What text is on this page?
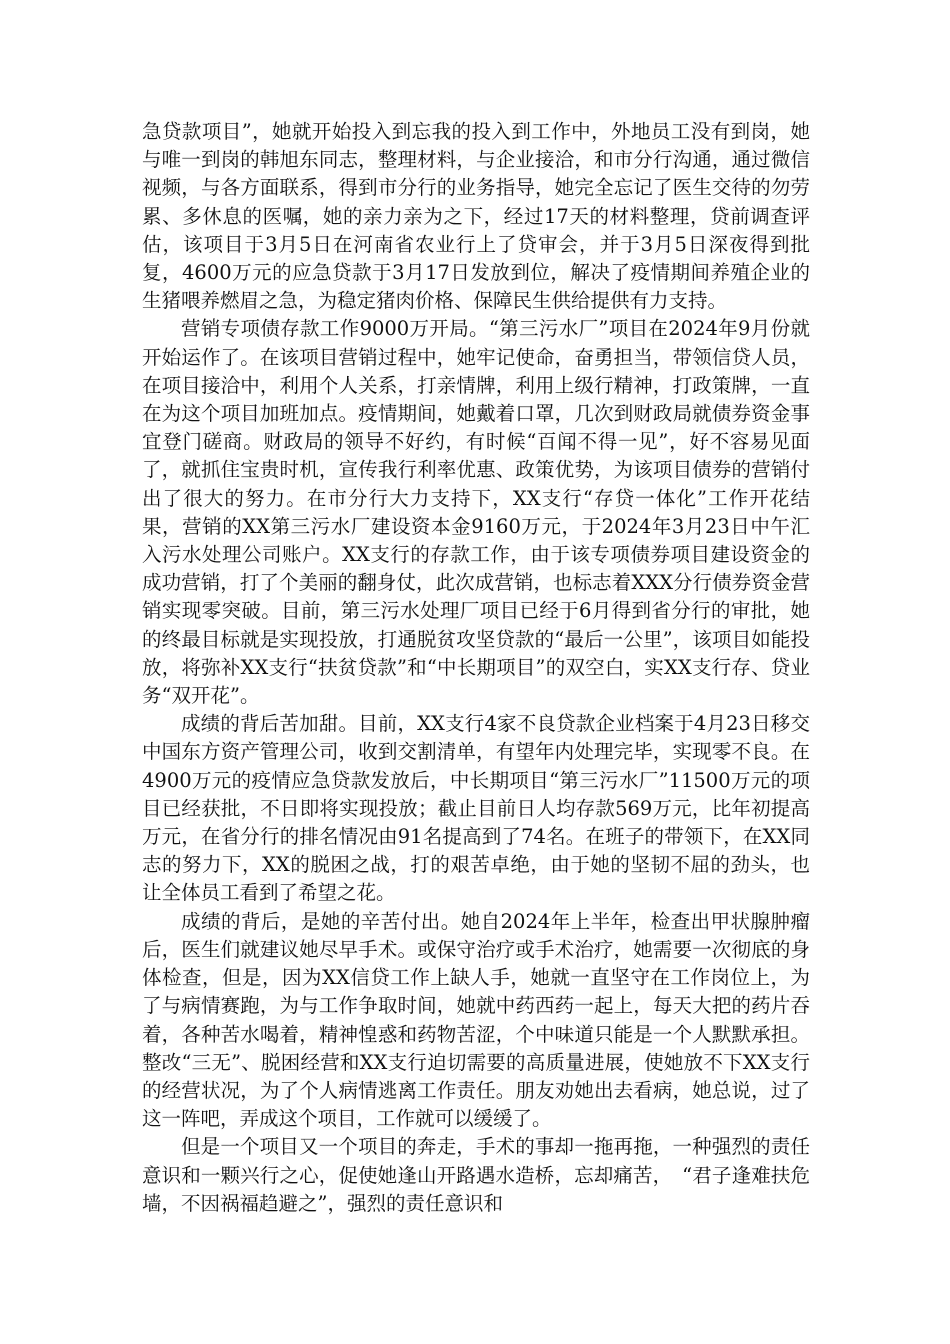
急贷款项目”，她就开始投入到忘我的投入到工作中，外地员工没有到岗，她与唯一到岗的韩旭东同志，整理材料，与企业接洽，和市分行沟通，通过微信视频，与各方面联系，得到市分行的业务指导，她完全忘记了医生交待的勿劳累、多休息的医嘱，她的亲力亲为之下，经过17天的材料整理，贷前调查评估，该项目于3月5日在河南省农业行上了贷审会，并于3月5日深夜得到批复，4600万元的应急贷款于3月17日发放到位，解决了疫情期间养殖企业的生猪喂养燃眉之急，为稳定猪肉价格、保障民生供给提供有力支持。

营销专项债存款工作9000万开局。“第三污水厂”项目在2024年9月份就开始运作了。在该项目营销过程中，她牢记使命，奋勇担当，带领信贷人员，在项目接洽中，利用个人关系，打亲情牌，利用上级行精神，打政策牌，一直在为这个项目加班加点。疫情期间，她戴着口罩，几次到财政局就债券资金事宜登门磋商。财政局的领导不好约，有时候“百闻不得一见”，好不容易见面了，就抓住宝贵时机，宣传我行利率优惠、政策优势，为该项目债券的营销付出了很大的努力。在市分行大力支持下，XX支行“存贷一体化”工作开花结果，营销的XX第三污水厂建设资本金9160万元，于2024年3月23日中午汇入污水处理公司账户。XX支行的存款工作，由于该专项债券项目建设资金的成功营销，打了个美丽的翻身仗，此次成营销，也标志着XXX分行债券资金营销实现零突破。目前，第三污水处理厂项目已经于6月得到省分行的审批，她的终最目标就是实现投放，打通脱贫攻坚贷款的“最后一公里”，该项目如能投放，将弥补XX支行“扶贫贷款”和“中长期项目”的双空白，实XX支行存、贷业务“双开花”。

成绩的背后苦加甜。目前，XX支行4家不良贷款企业档案于4月23日移交中国东方资产管理公司，收到交割清单，有望年内处理完毕，实现零不良。在4900万元的疫情应急贷款发放后，中长期项目“第三污水厂”11500万元的项目已经获批，不日即将实现投放；截止目前日人均存款569万元，比年初提高　万元，在省分行的排名情况由91名提高到了74名。在班子的带领下，在XX同志的努力下，XX的脱困之战，打的艰苦卓绝，由于她的坚韧不屈的劲头，也让全体员工看到了希望之花。

成绩的背后，是她的辛苦付出。她自2024年上半年，检查出甲状腺肿瘤后，医生们就建议她尽早手术。或保守治疗或手术治疗，她需要一次彻底的身体检查，但是，因为XX信贷工作上缺人手，她就一直坚守在工作岗位上，为了与病情赛跑，为与工作争取时间，她就中药西药一起上，每天大把的药片吞着，各种苦水喝着，精神惶惑和药物苦涩，个中味道只能是一个人默默承担。整改“三无”、脱困经营和XX支行迫切需要的高质量进展，使她放不下XX支行的经营状况，为了个人病情逃离工作责任。朋友劝她出去看病，她总说，过了这一阵吧，弄成这个项目，工作就可以缓缓了。

但是一个项目又一个项目的奔走，手术的事却一拖再拖，一种强烈的责任意识和一颗兴行之心，促使她逢山开路遇水造桥，忘却痛苦，　“君子逢难扶危墙，不因祸福趋避之”，强烈的责任意识和
